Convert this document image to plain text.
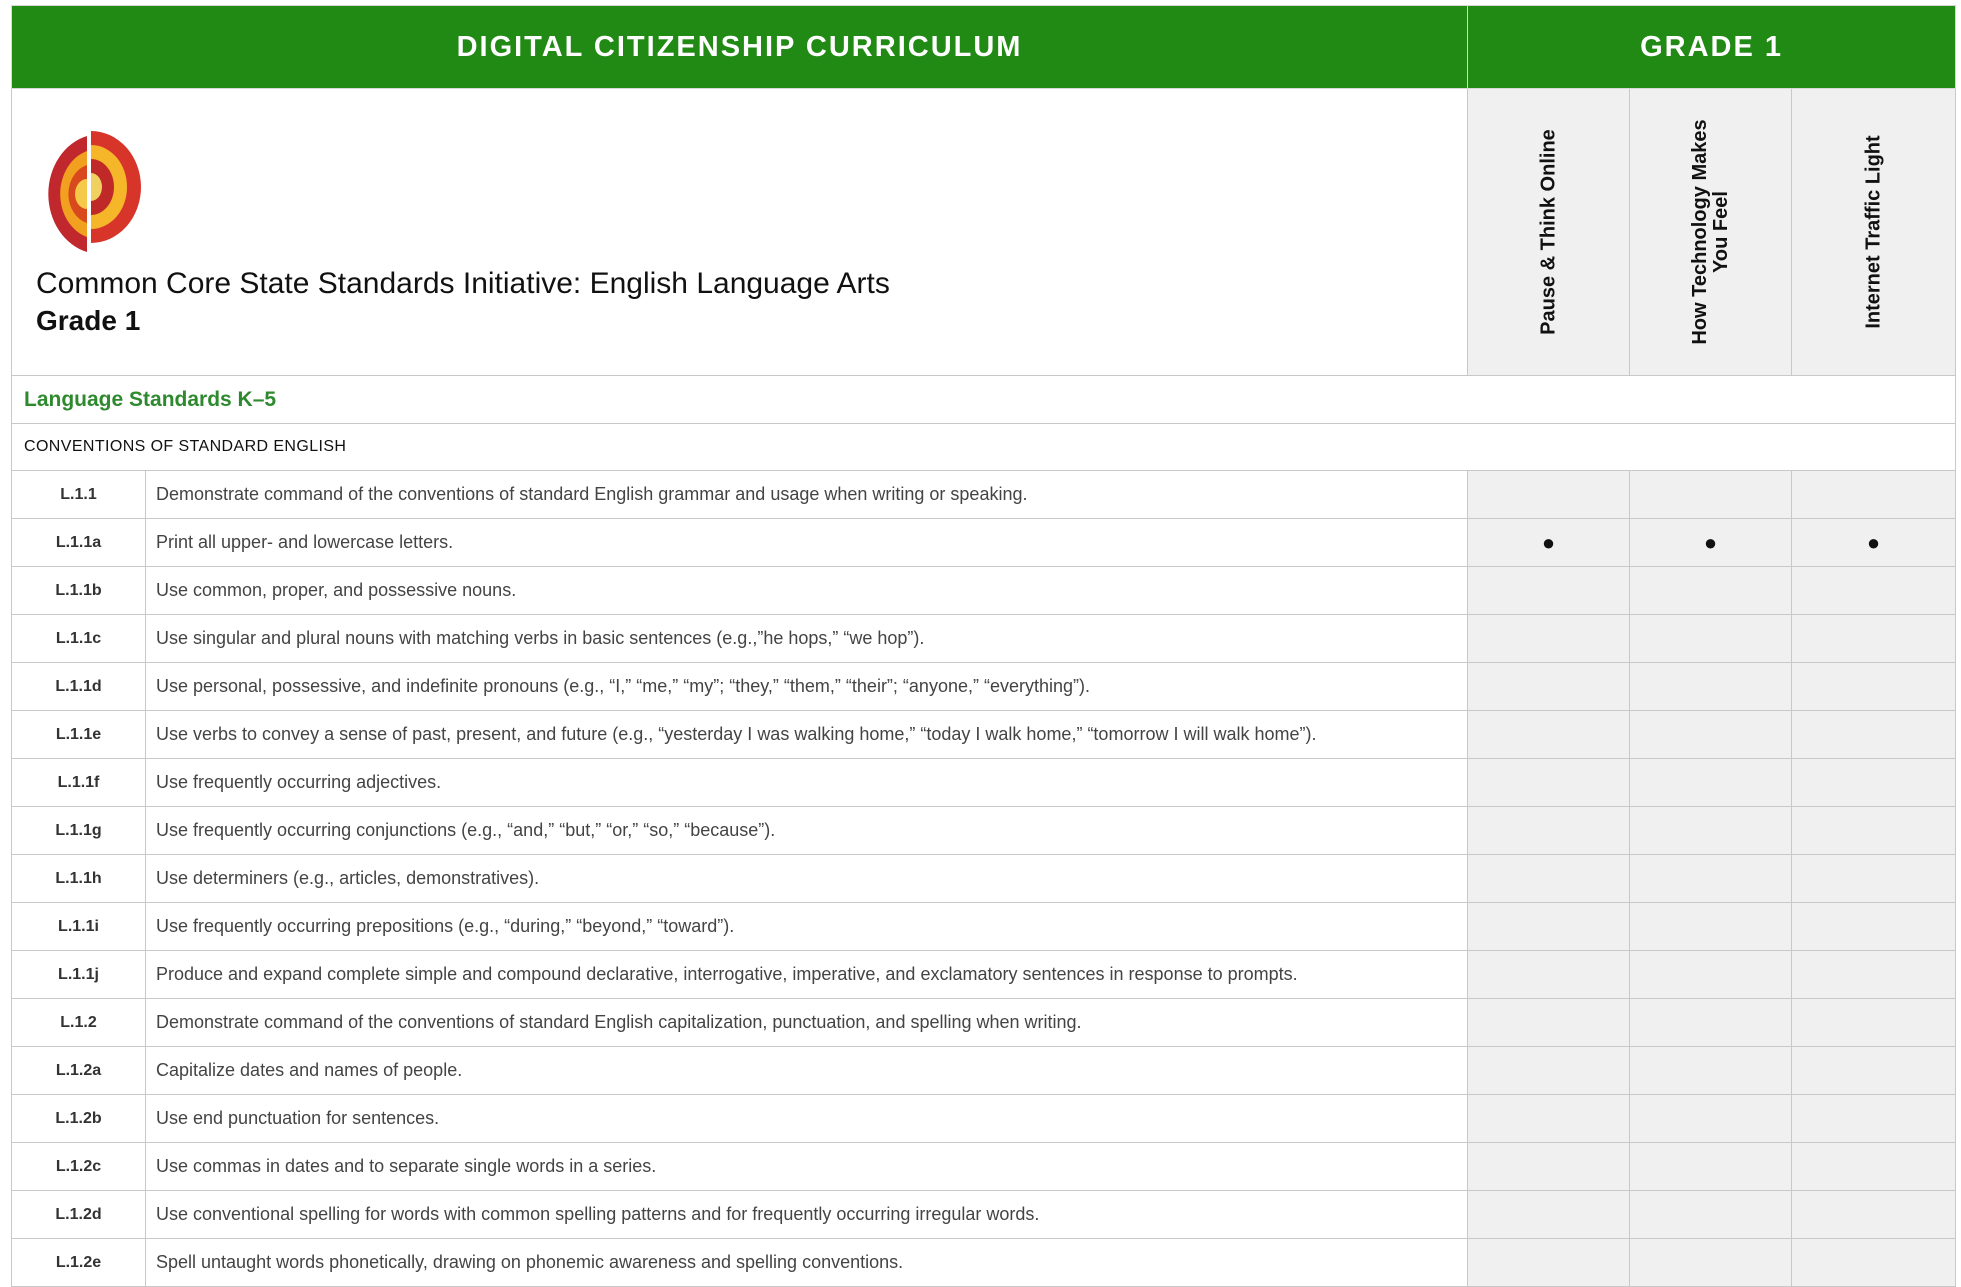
DIGITAL CITIZENSHIP CURRICULUM		GRADE 1		

Common Core State Standards Initiative: English Language Arts
Grade 1		Pause & Think Online	How Technology Makes You Feel	Internet Traffic Light

Language Standards K–5				
CONVENTIONS OF STANDARD ENGLISH				
L.1.1	Demonstrate command of the conventions of standard English grammar and usage when writing or speaking.			
L.1.1a	Print all upper- and lowercase letters.	●	●	●
L.1.1b	Use common, proper, and possessive nouns.			
L.1.1c	Use singular and plural nouns with matching verbs in basic sentences (e.g.,”he hops,” “we hop”).			
L.1.1d	Use personal, possessive, and indefinite pronouns (e.g., “I,” “me,” “my”; “they,” “them,” “their”; “anyone,” “everything”).			
L.1.1e	Use verbs to convey a sense of past, present, and future (e.g., “yesterday I was walking home,” “today I walk home,” “tomorrow I will walk home”).			
L.1.1f	Use frequently occurring adjectives.			
L.1.1g	Use frequently occurring conjunctions (e.g., “and,” “but,” “or,” “so,” “because”).			
L.1.1h	Use determiners (e.g., articles, demonstratives).			
L.1.1i	Use frequently occurring prepositions (e.g., “during,” “beyond,” “toward”).			
L.1.1j	Produce and expand complete simple and compound declarative, interrogative, imperative, and exclamatory sentences in response to prompts.			
L.1.2	Demonstrate command of the conventions of standard English capitalization, punctuation, and spelling when writing.			
L.1.2a	Capitalize dates and names of people.			
L.1.2b	Use end punctuation for sentences.			
L.1.2c	Use commas in dates and to separate single words in a series.			
L.1.2d	Use conventional spelling for words with common spelling patterns and for frequently occurring irregular words.			
L.1.2e	Spell untaught words phonetically, drawing on phonemic awareness and spelling conventions.			
